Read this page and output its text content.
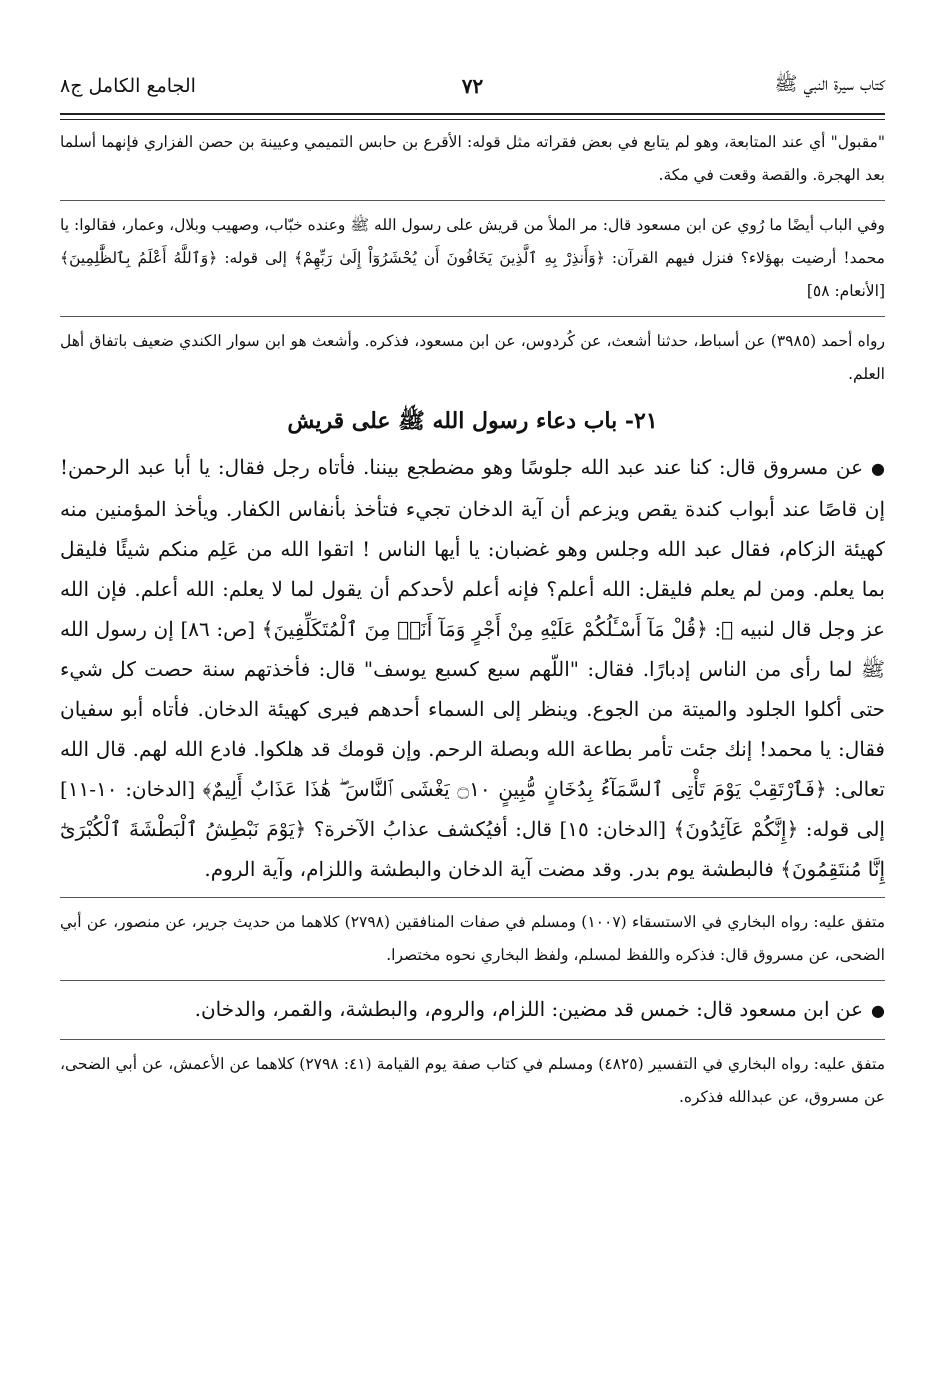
كتاب سيرة النبي ﷺ
٧٢
الجامع الكامل ج٨

"مقبول" أي عند المتابعة، وهو لم يتابع في بعض فقراته مثل قوله: الأقرع بن حابس التميمي وعيينة بن حصن الفزاري فإنهما أسلما بعد الهجرة. والقصة وقعت في مكة.

وفي الباب أيضًا ما رُوي عن ابن مسعود قال: مر الملأ من قريش على رسول الله ﷺ وعنده خبّاب، وصهيب وبلال، وعمار، فقالوا: يا محمد! أرضيت بهؤلاء؟ فنزل فيهم القرآن: ﴿وَأَنذِرْ بِهِ ٱلَّذِينَ يَخَافُونَ أَن يُحْشَرُوٓاْ إِلَىٰ رَبِّهِمْ﴾ إلى قوله: ﴿وَٱللَّهُ أَعْلَمُ بِٱلظَّٰلِمِينَ﴾ [الأنعام: ٥٨]

رواه أحمد (٣٩٨٥) عن أسباط، حدثنا أشعث، عن كُردوس، عن ابن مسعود، فذكره. وأشعث هو ابن سوار الكندي ضعيف باتفاق أهل العلم.

٢١- باب دعاء رسول الله ﷺ على قريش

●عن مسروق قال: كنا عند عبد الله جلوسًا وهو مضطجع بيننا. فأتاه رجل فقال: يا أبا عبد الرحمن! إن قاصًا عند أبواب كندة يقص ويزعم أن آية الدخان تجيء فتأخذ بأنفاس الكفار. ويأخذ المؤمنين منه كهيئة الزكام، فقال عبد الله وجلس وهو غضبان: يا أيها الناس ! اتقوا الله من عَلِم منكم شيئًا فليقل بما يعلم. ومن لم يعلم فليقل: الله أعلم؟ فإنه أعلم لأحدكم أن يقول لما لا يعلم: الله أعلم. فإن الله عز وجل قال لنبيه ﷺ: ﴿قُلْ مَآ أَسْـَٔلُكُمْ عَلَيْهِ مِنْ أَجْرٍ وَمَآ أَنَا۠ مِنَ ٱلْمُتَكَلِّفِينَ﴾ [ص: ٨٦] إن رسول الله ﷺ لما رأى من الناس إدبارًا. فقال: "اللّهم سبع كسبع يوسف" قال: فأخذتهم سنة حصت كل شيء حتى أكلوا الجلود والميتة من الجوع. وينظر إلى السماء أحدهم فيرى كهيئة الدخان. فأتاه أبو سفيان فقال: يا محمد! إنك جئت تأمر بطاعة الله وبصلة الرحم. وإن قومك قد هلكوا. فادع الله لهم. قال الله تعالى: ﴿فَٱرْتَقِبْ يَوْمَ تَأْتِى ٱلسَّمَآءُ بِدُخَانٍ مُّبِينٍ ۝١٠ يَغْشَى ٱلنَّاسَ ۖ هَٰذَا عَذَابٌ أَلِيمٌ﴾ [الدخان: ١٠-١١] إلى قوله: ﴿إِنَّكُمْ عَآئِدُونَ﴾ [الدخان: ١٥] قال: أفيُكشف عذابُ الآخرة؟ ﴿يَوْمَ نَبْطِشُ ٱلْبَطْشَةَ ٱلْكُبْرَىٰٓ إِنَّا مُنتَقِمُونَ﴾ فالبطشة يوم بدر. وقد مضت آية الدخان والبطشة واللزام، وآية الروم.

متفق عليه: رواه البخاري في الاستسقاء (١٠٠٧) ومسلم في صفات المنافقين (٢٧٩٨) كلاهما من حديث جرير، عن منصور، عن أبي الضحى، عن مسروق قال: فذكره واللفظ لمسلم، ولفظ البخاري نحوه مختصرا.

●عن ابن مسعود قال: خمس قد مضين: اللزام، والروم، والبطشة، والقمر، والدخان.

متفق عليه: رواه البخاري في التفسير (٤٨٢٥) ومسلم في كتاب صفة يوم القيامة (٤١: ٢٧٩٨) كلاهما عن الأعمش، عن أبي الضحى، عن مسروق، عن عبدالله فذكره.
